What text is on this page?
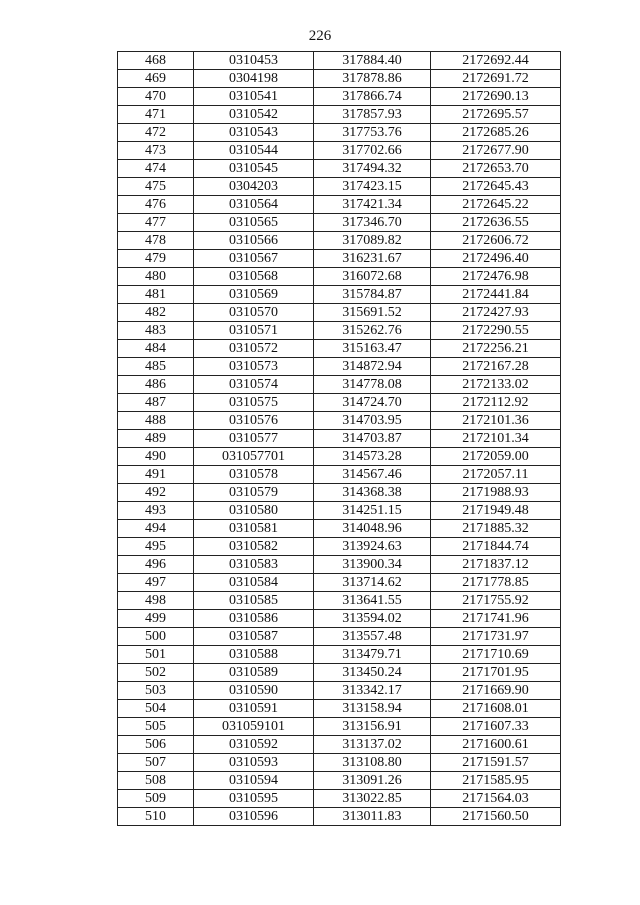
226
468	0310453	317884.40	2172692.44
469	0304198	317878.86	2172691.72
470	0310541	317866.74	2172690.13
471	0310542	317857.93	2172695.57
472	0310543	317753.76	2172685.26
473	0310544	317702.66	2172677.90
474	0310545	317494.32	2172653.70
475	0304203	317423.15	2172645.43
476	0310564	317421.34	2172645.22
477	0310565	317346.70	2172636.55
478	0310566	317089.82	2172606.72
479	0310567	316231.67	2172496.40
480	0310568	316072.68	2172476.98
481	0310569	315784.87	2172441.84
482	0310570	315691.52	2172427.93
483	0310571	315262.76	2172290.55
484	0310572	315163.47	2172256.21
485	0310573	314872.94	2172167.28
486	0310574	314778.08	2172133.02
487	0310575	314724.70	2172112.92
488	0310576	314703.95	2172101.36
489	0310577	314703.87	2172101.34
490	031057701	314573.28	2172059.00
491	0310578	314567.46	2172057.11
492	0310579	314368.38	2171988.93
493	0310580	314251.15	2171949.48
494	0310581	314048.96	2171885.32
495	0310582	313924.63	2171844.74
496	0310583	313900.34	2171837.12
497	0310584	313714.62	2171778.85
498	0310585	313641.55	2171755.92
499	0310586	313594.02	2171741.96
500	0310587	313557.48	2171731.97
501	0310588	313479.71	2171710.69
502	0310589	313450.24	2171701.95
503	0310590	313342.17	2171669.90
504	0310591	313158.94	2171608.01
505	031059101	313156.91	2171607.33
506	0310592	313137.02	2171600.61
507	0310593	313108.80	2171591.57
508	0310594	313091.26	2171585.95
509	0310595	313022.85	2171564.03
510	0310596	313011.83	2171560.50
